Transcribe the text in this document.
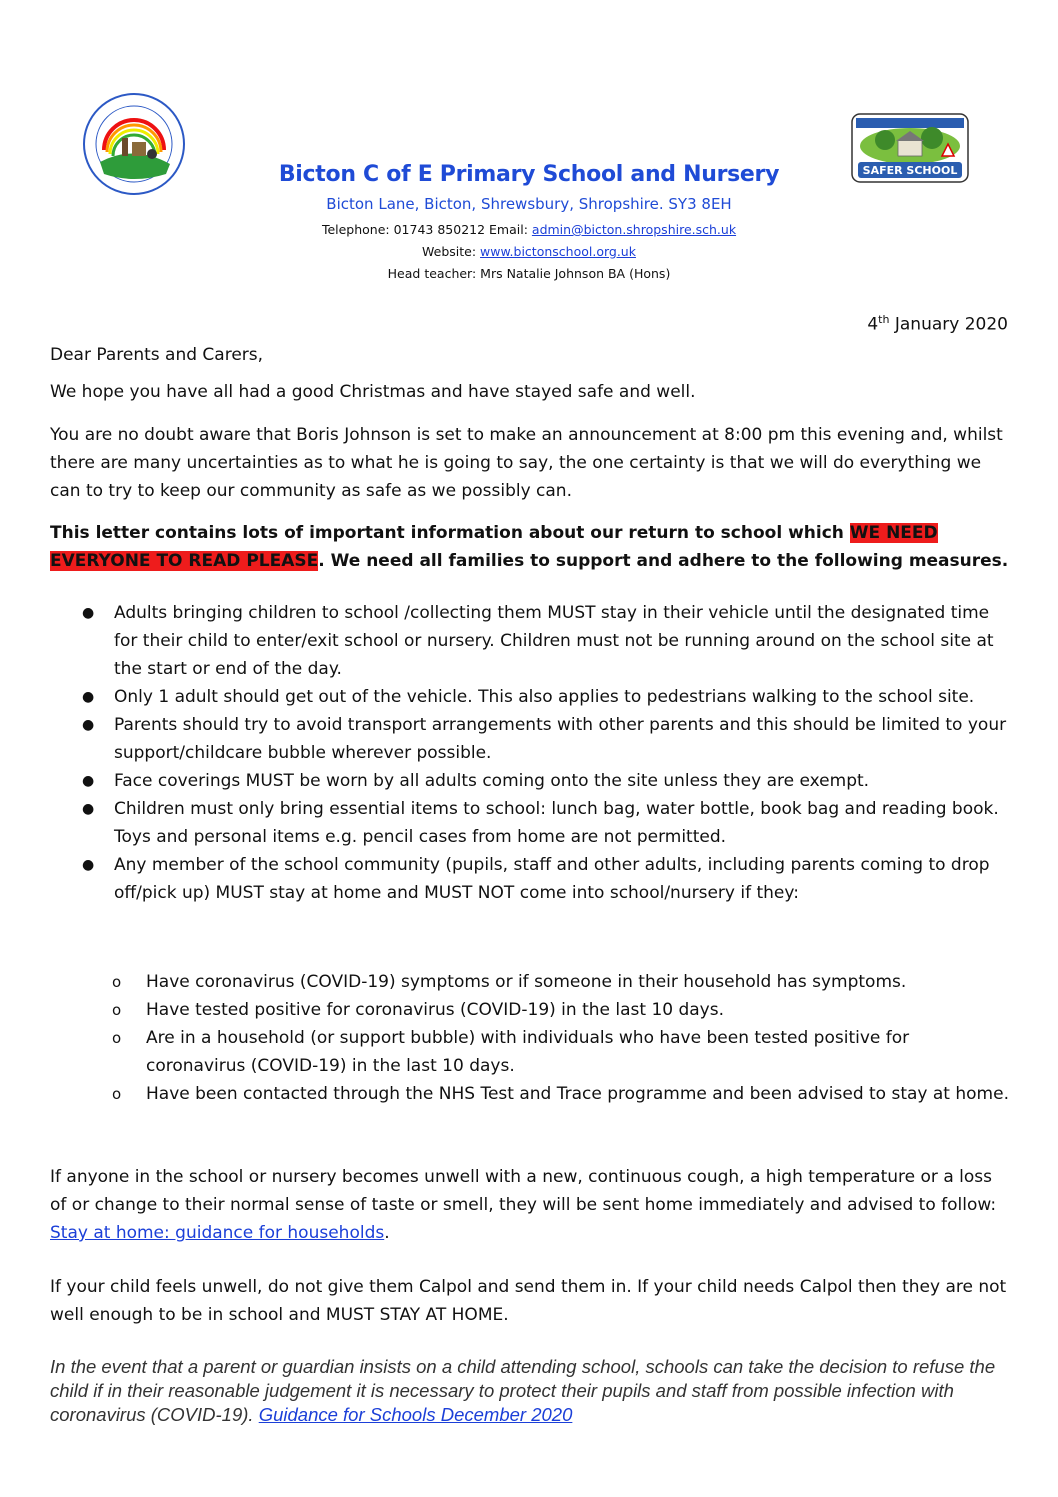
SAFER SCHOOL
Bicton C of E Primary School and Nursery
Bicton Lane, Bicton, Shrewsbury, Shropshire. SY3 8EH
Telephone: 01743 850212 Email: admin@bicton.shropshire.sch.uk
Website: www.bictonschool.org.uk
Head teacher: Mrs Natalie Johnson BA (Hons)
4th January 2020
Dear Parents and Carers,
We hope you have all had a good Christmas and have stayed safe and well.
You are no doubt aware that Boris Johnson is set to make an announcement at 8:00 pm this evening and, whilst there are many uncertainties as to what he is going to say, the one certainty is that we will do everything we can to try to keep our community as safe as we possibly can.
This letter contains lots of important information about our return to school which WE NEED EVERYONE TO READ PLEASE. We need all families to support and adhere to the following measures.
● Adults bringing children to school /collecting them MUST stay in their vehicle until the designated time for their child to enter/exit school or nursery. Children must not be running around on the school site at the start or end of the day.
● Only 1 adult should get out of the vehicle. This also applies to pedestrians walking to the school site.
● Parents should try to avoid transport arrangements with other parents and this should be limited to your support/childcare bubble wherever possible.
● Face coverings MUST be worn by all adults coming onto the site unless they are exempt.
● Children must only bring essential items to school: lunch bag, water bottle, book bag and reading book. Toys and personal items e.g. pencil cases from home are not permitted.
● Any member of the school community (pupils, staff and other adults, including parents coming to drop off/pick up) MUST stay at home and MUST NOT come into school/nursery if they:
o Have coronavirus (COVID-19) symptoms or if someone in their household has symptoms.
o Have tested positive for coronavirus (COVID-19) in the last 10 days.
o Are in a household (or support bubble) with individuals who have been tested positive for coronavirus (COVID-19) in the last 10 days.
o Have been contacted through the NHS Test and Trace programme and been advised to stay at home.
If anyone in the school or nursery becomes unwell with a new, continuous cough, a high temperature or a loss of or change to their normal sense of taste or smell, they will be sent home immediately and advised to follow: Stay at home: guidance for households.
If your child feels unwell, do not give them Calpol and send them in. If your child needs Calpol then they are not well enough to be in school and MUST STAY AT HOME.
In the event that a parent or guardian insists on a child attending school, schools can take the decision to refuse the child if in their reasonable judgement it is necessary to protect their pupils and staff from possible infection with coronavirus (COVID-19). Guidance for Schools December 2020
